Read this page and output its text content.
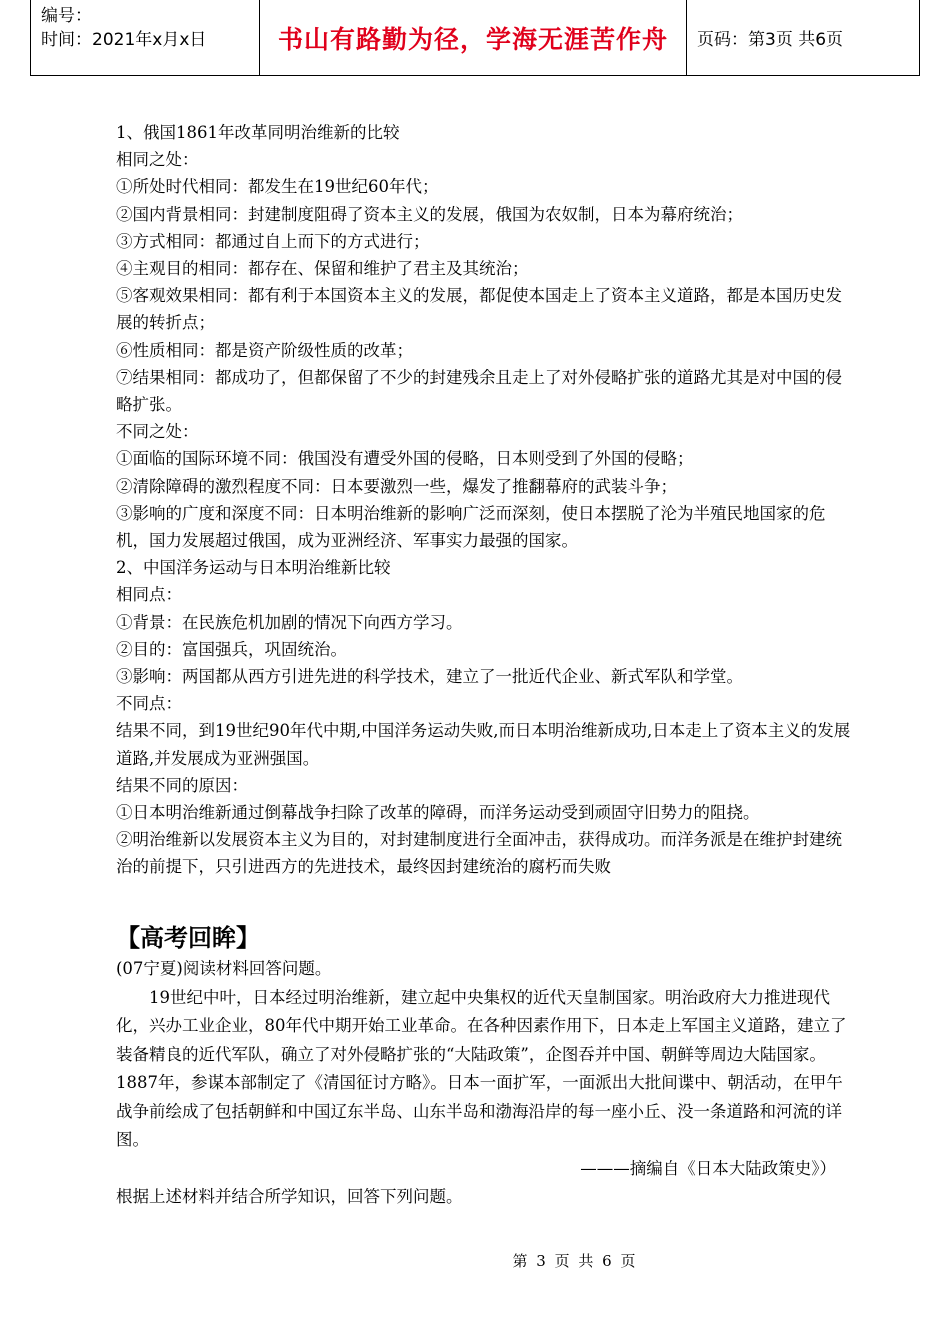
编号：
时间：2021年x月x日	书山有路勤为径，学海无涯苦作舟	页码：第3页 共6页

1、俄国1861年改革同明治维新的比较

相同之处：

①所处时代相同：都发生在19世纪60年代；

②国内背景相同：封建制度阻碍了资本主义的发展，俄国为农奴制，日本为幕府统治；

③方式相同：都通过自上而下的方式进行；

④主观目的相同：都存在、保留和维护了君主及其统治；

⑤客观效果相同：都有利于本国资本主义的发展，都促使本国走上了资本主义道路，都是本国历史发展的转折点；

⑥性质相同：都是资产阶级性质的改革；

⑦结果相同：都成功了，但都保留了不少的封建残余且走上了对外侵略扩张的道路尤其是对中国的侵略扩张。

不同之处：

①面临的国际环境不同：俄国没有遭受外国的侵略，日本则受到了外国的侵略；

②清除障碍的激烈程度不同：日本要激烈一些，爆发了推翻幕府的武装斗争；

③影响的广度和深度不同：日本明治维新的影响广泛而深刻，使日本摆脱了沦为半殖民地国家的危机，国力发展超过俄国，成为亚洲经济、军事实力最强的国家。

2、中国洋务运动与日本明治维新比较

相同点：

①背景：在民族危机加剧的情况下向西方学习。

②目的：富国强兵，巩固统治。

③影响：两国都从西方引进先进的科学技术，建立了一批近代企业、新式军队和学堂。

不同点：

结果不同，到19世纪90年代中期,中国洋务运动失败,而日本明治维新成功,日本走上了资本主义的发展道路,并发展成为亚洲强国。

结果不同的原因：

①日本明治维新通过倒幕战争扫除了改革的障碍，而洋务运动受到顽固守旧势力的阻挠。

②明治维新以发展资本主义为目的，对封建制度进行全面冲击，获得成功。而洋务派是在维护封建统治的前提下，只引进西方的先进技术，最终因封建统治的腐朽而失败

【高考回眸】

(07宁夏)阅读材料回答问题。

19世纪中叶，日本经过明治维新，建立起中央集权的近代天皇制国家。明治政府大力推进现代化，兴办工业企业，80年代中期开始工业革命。在各种因素作用下，日本走上军国主义道路，建立了装备精良的近代军队，确立了对外侵略扩张的“大陆政策”，企图吞并中国、朝鲜等周边大陆国家。1887年，参谋本部制定了《清国征讨方略》。日本一面扩军，一面派出大批间谍中、朝活动，在甲午战争前绘成了包括朝鲜和中国辽东半岛、山东半岛和渤海沿岸的每一座小丘、没一条道路和河流的详图。

———摘编自《日本大陆政策史》）

根据上述材料并结合所学知识，回答下列问题。

第 3 页 共 6 页
